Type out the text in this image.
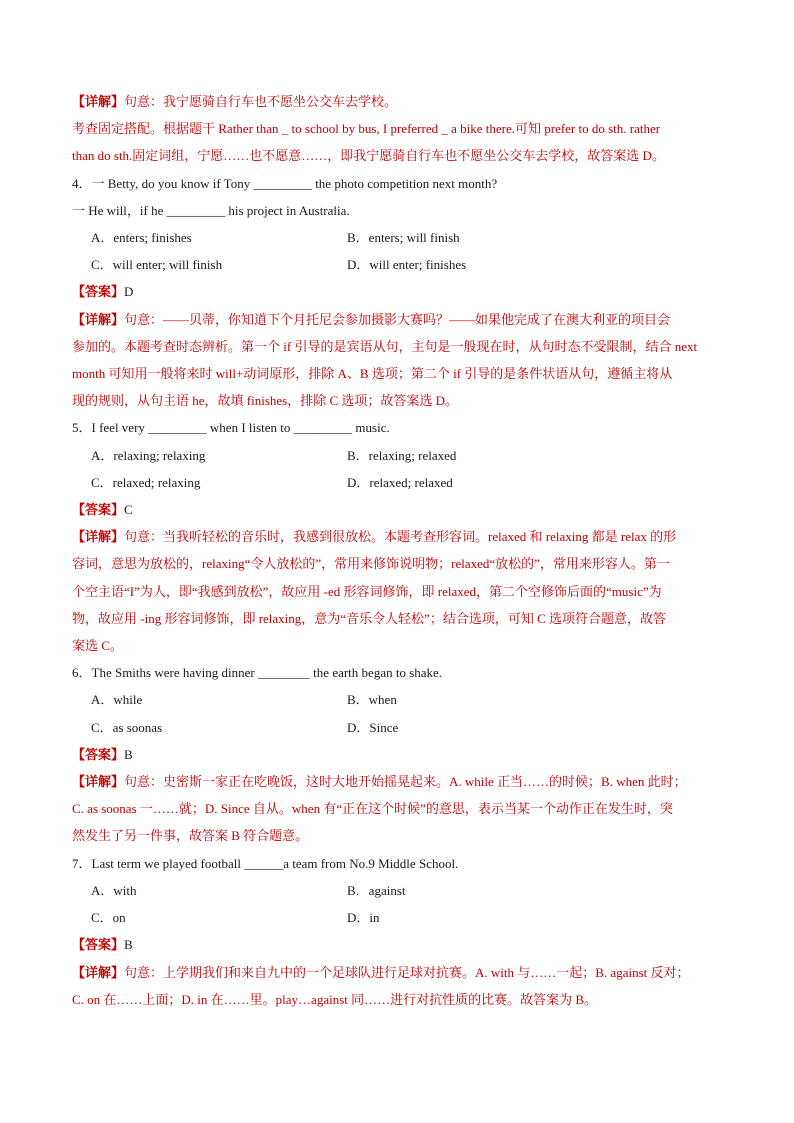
【详解】句意：我宁愿骑自行车也不愿坐公交车去学校。
考查固定搭配。根据题干 Rather than _ to school by bus, I preferred _ a bike there.可知 prefer to do sth. rather
than do sth.固定词组，宁愿……也不愿意……，即我宁愿骑自行车也不愿坐公交车去学校，故答案选 D。
4．一 Betty, do you know if Tony _________ the photo competition next month?
一 He will，if he _________ his project in Australia.
A．enters; finishes	B．enters; will finish
C．will enter; will finish	D．will enter; finishes
【答案】D
【详解】句意：——贝蒂，你知道下个月托尼会参加摄影大赛吗？——如果他完成了在澳大利亚的项目会
参加的。本题考查时态辨析。第一个 if 引导的是宾语从句，主句是一般现在时，从句时态不受限制，结合 next
month 可知用一般将来时 will+动词原形，排除 A、B 选项；第二个 if 引导的是条件状语从句，遵循主将从
现的规则，从句主语 he，故填 finishes，排除 C 选项；故答案选 D。
5．I feel very _________ when I listen to _________ music.
A．relaxing; relaxing	B．relaxing; relaxed
C．relaxed; relaxing	D．relaxed; relaxed
【答案】C
【详解】句意：当我听轻松的音乐时，我感到很放松。本题考查形容词。relaxed 和 relaxing 都是 relax 的形
容词，意思为放松的，relaxing“令人放松的”，常用来修饰说明物；relaxed“放松的”，常用来形容人。第一
个空主语“I”为人，即“我感到放松”，故应用 -ed 形容词修饰，即 relaxed，第二个空修饰后面的“music”为
物，故应用 -ing 形容词修饰，即 relaxing，意为“音乐令人轻松”；结合选项，可知 C 选项符合题意，故答
案选 C。
6．The Smiths were having dinner ________ the earth began to shake.
A．while	B．when
C．as soonas	D．Since
【答案】B
【详解】句意：史密斯一家正在吃晚饭，这时大地开始摇晃起来。A. while 正当……的时候；B. when 此时；
C. as soonas 一……就；D. Since 自从。when 有“正在这个时候”的意思，表示当某一个动作正在发生时，突
然发生了另一件事，故答案 B 符合题意。
7．Last term we played football ______a team from No.9 Middle School.
A．with	B．against
C．on	D．in
【答案】B
【详解】句意：上学期我们和来自九中的一个足球队进行足球对抗赛。A. with 与……一起；B. against 反对；
C. on 在……上面；D. in 在……里。play…against 同……进行对抗性质的比赛。故答案为 B。
